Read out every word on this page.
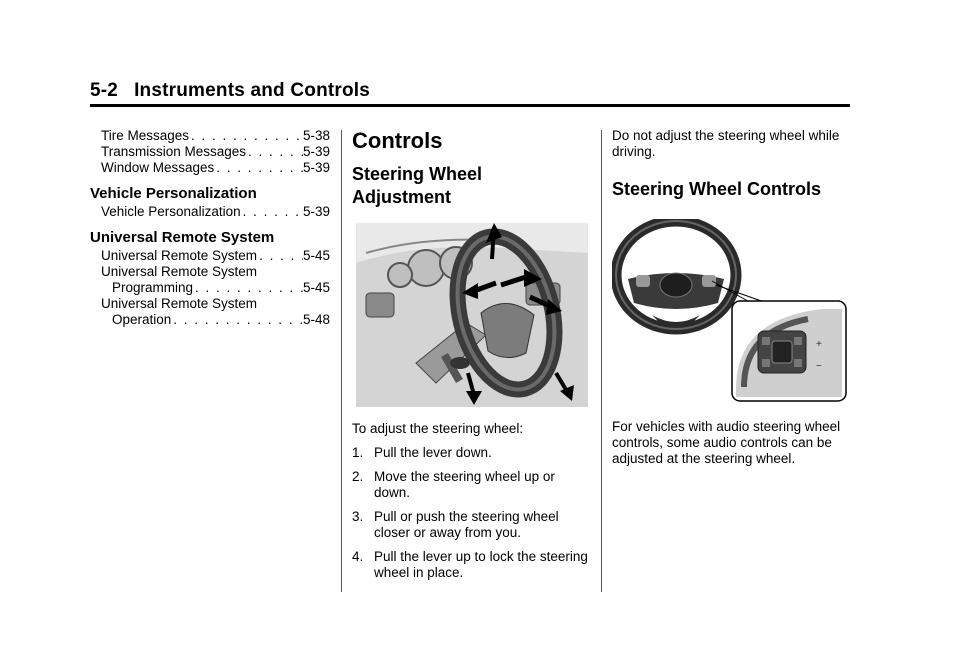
5-2 Instruments and Controls
Tire Messages . . .	5-38
Transmission Messages . . .	5-39
Window Messages . . .	5-39
Vehicle Personalization
Vehicle Personalization . . .	5-39
Universal Remote System
Universal Remote System . . .	5-45
Universal Remote System
Programming . . .	5-45
Universal Remote System
Operation . . .	5-48
Controls
Steering Wheel
Adjustment

To adjust the steering wheel:

1. Pull the lever down.
2. Move the steering wheel up or down.
3. Pull or push the steering wheel closer or away from you.
4. Pull the lever up to lock the steering wheel in place.

Do not adjust the steering wheel while driving.

Steering Wheel Controls
+
−

For vehicles with audio steering wheel controls, some audio controls can be adjusted at the steering wheel.
